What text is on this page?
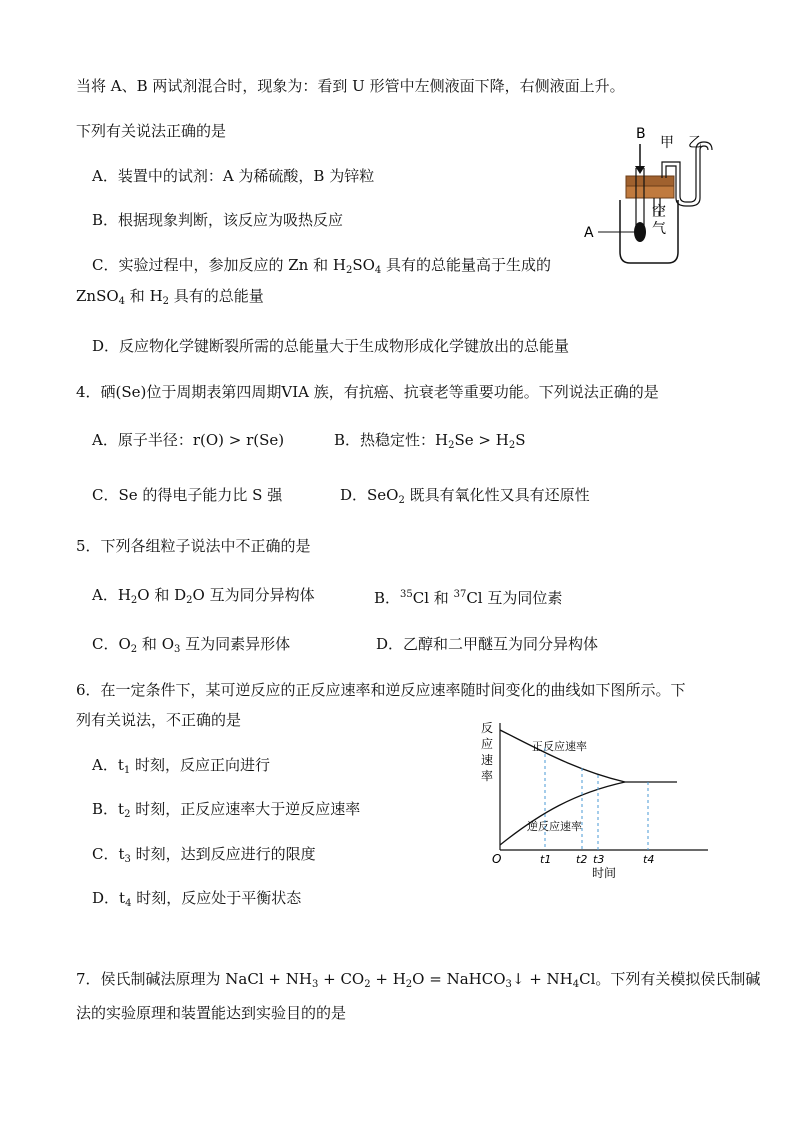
当将 A、B 两试剂混合时，现象为：看到 U 形管中左侧液面下降，右侧液面上升。
下列有关说法正确的是
A．装置中的试剂：A 为稀硫酸，B 为锌粒
B．根据现象判断，该反应为吸热反应
C．实验过程中，参加反应的 Zn 和 $H_2SO_4$ 具有的总能量高于生成的
ZnSO$_4$ 和 $H_2$ 具有的总能量
D．反应物化学键断裂所需的总能量大于生成物形成化学键放出的总能量
B
甲 乙
A
空
气
4．硒(Se)位于周期表第四周期VIA 族，有抗癌、抗衰老等重要功能。下列说法正确的是
A．原子半径：r(O) > r(Se)	B．热稳定性：$H_2Se > H_2S$
C．Se 的得电子能力比 S 强	D．SeO$_2$ 既具有氧化性又具有还原性
5．下列各组粒子说法中不正确的是
A．$H_2O$ 和 $D_2O$ 互为同分异构体	B．$^{35}$Cl 和 $^{37}$Cl 互为同位素
C．$O_2$ 和 $O_3$ 互为同素异形体	D．乙醇和二甲醚互为同分异构体
6．在一定条件下，某可逆反应的正反应速率和逆反应速率随时间变化的曲线如下图所示。下
列有关说法，不正确的是
A．$t_1$ 时刻，反应正向进行
B．$t_2$ 时刻，正反应速率大于逆反应速率
C．$t_3$ 时刻，达到反应进行的限度
D．$t_4$ 时刻，反应处于平衡状态
反
应
速
率
O
正反应速率
逆反应速率
t1 t2 t3	t4
时间
7．侯氏制碱法原理为 NaCl + $NH_3 + CO_2 + H_2O$ = NaHCO$_3$↓ + $NH_4Cl$。下列有关模拟侯氏制碱
法的实验原理和装置能达到实验目的的是
